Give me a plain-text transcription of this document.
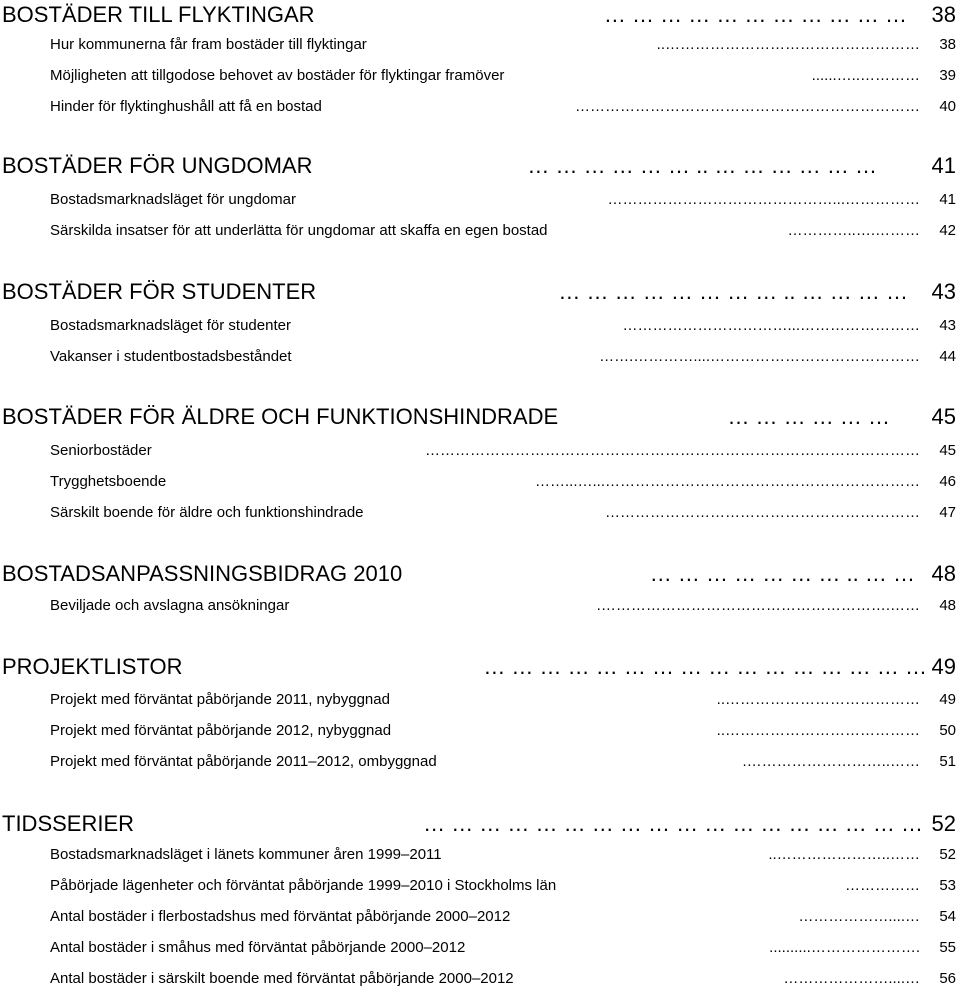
BOSTÄDER TILL FLYKTINGAR	… … … … … … … … … … … 38
Hur kommunerna får fram bostäder till flyktingar	…………………………………………….. 38
Möjligheten att tillgodose behovet av bostäder för flyktingar framöver	…………..…...... 39
Hinder för flyktinghushåll att få en bostad	…………………………………………………………… 40
BOSTÄDER FÖR UNGDOMAR	… … … … … … .. … … … … … … 41
Bostadsmarknadsläget för ungdomar	……………...……………………………………… 41
Särskilda insatser för att underlätta för ungdomar att skaffa en egen bostad	……….…..………… 42
BOSTÄDER FÖR STUDENTER	… … … … .. … … … … … … … … 43
Bostadsmarknadsläget för studenter	……………………...…………………………… 43
Vakanser i studentbostadsbeståndet	……………………………………....………….…… 44
BOSTÄDER FÖR ÄLDRE OCH FUNKTIONSHINDRADE	… … … … … … 45
Seniorbostäder	……………………………………………………………………………………… 45
Trygghetsboende	………………………………………………………...…...…… 46
Särskilt boende för äldre och funktionshindrade	……………………………………………………… 47
BOSTADSANPASSNINGSBIDRAG 2010	… … .. … … … … … … … 48
Beviljade och avslagna ansökningar	…….…………………………………………………. 48
PROJEKTLISTOR	… … … … … … … … … … … … … … … … 49
Projekt med förväntat påbörjande 2011, nybyggnad	………………………………….. 49
Projekt med förväntat påbörjande 2012, nybyggnad	………………………………….. 50
Projekt med förväntat påbörjande 2011–2012, ombyggnad	……..………………………. 51
TIDSSERIER	… … … … … … … … … … … … … … … … … … 52
Bostadsmarknadsläget i länets kommuner åren 1999–2011	……..………………….. 52
Påbörjade lägenheter och förväntat påbörjande 1999–2010 i Stockholms län	…………… 53
Antal bostäder i flerbostadshus med förväntat påbörjande 2000–2012	…....……………… 54
Antal bostäder i småhus med förväntat påbörjande 2000–2012	.………………….......... 55
Antal bostäder i särskilt boende med förväntat påbörjande 2000–2012	…....………………… 56
